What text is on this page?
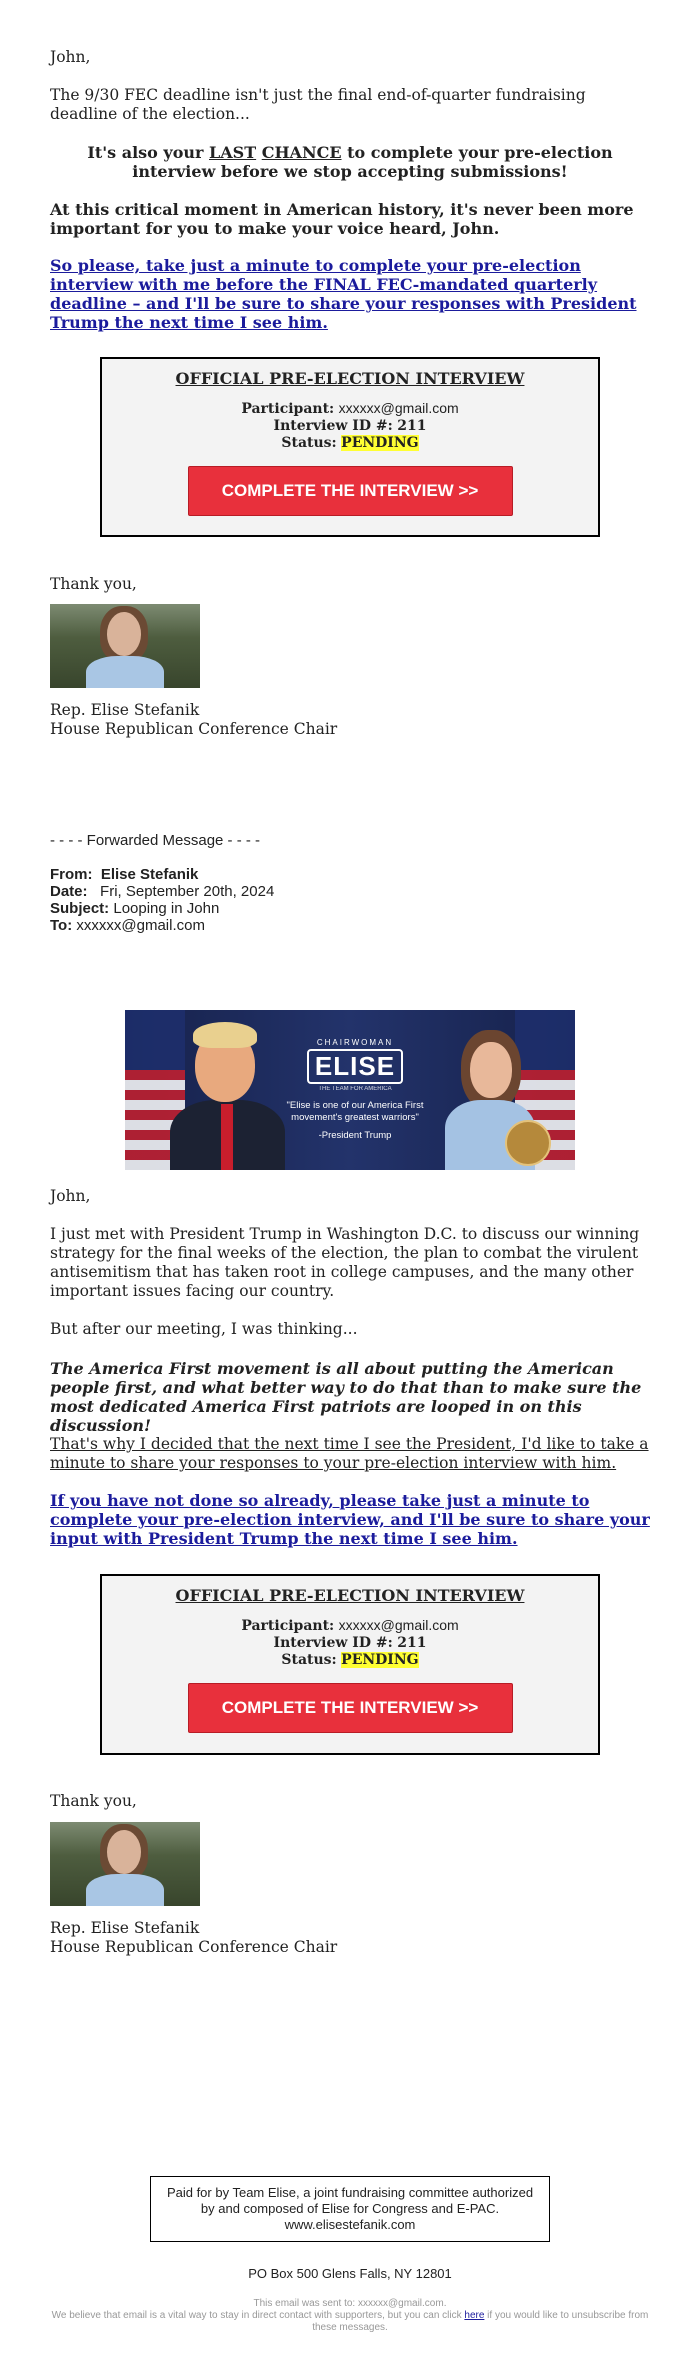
John,
The 9/30 FEC deadline isn't just the final end-of-quarter fundraising deadline of the election...
It's also your LAST CHANCE to complete your pre-election interview before we stop accepting submissions!
At this critical moment in American history, it's never been more important for you to make your voice heard, John.
So please, take just a minute to complete your pre-election interview with me before the FINAL FEC-mandated quarterly deadline – and I'll be sure to share your responses with President Trump the next time I see him.
OFFICIAL PRE-ELECTION INTERVIEW
Participant: xxxxxx@gmail.com
Interview ID #: 211
Status: PENDING
COMPLETE THE INTERVIEW >>
Thank you,
Rep. Elise Stefanik
House Republican Conference Chair
- - - - Forwarded Message - - - -
From: Elise Stefanik
Date: Fri, September 20th, 2024
Subject: Looping in John
To: xxxxxx@gmail.com
CHAIRWOMAN
ELISE
THE TEAM FOR AMERICA
"Elise is one of our America First movement's greatest warriors"
-President Trump
John,
I just met with President Trump in Washington D.C. to discuss our winning strategy for the final weeks of the election, the plan to combat the virulent antisemitism that has taken root in college campuses, and the many other important issues facing our country.
But after our meeting, I was thinking...
The America First movement is all about putting the American people first, and what better way to do that than to make sure the most dedicated America First patriots are looped in on this discussion!
That's why I decided that the next time I see the President, I'd like to take a minute to share your responses to your pre-election interview with him.
If you have not done so already, please take just a minute to complete your pre-election interview, and I'll be sure to share your input with President Trump the next time I see him.
OFFICIAL PRE-ELECTION INTERVIEW
Participant: xxxxxx@gmail.com
Interview ID #: 211
Status: PENDING
COMPLETE THE INTERVIEW >>
Thank you,
Rep. Elise Stefanik
House Republican Conference Chair
Paid for by Team Elise, a joint fundraising committee authorized by and composed of Elise for Congress and E-PAC. www.elisestefanik.com
PO Box 500 Glens Falls, NY 12801
This email was sent to: xxxxxx@gmail.com.
We believe that email is a vital way to stay in direct contact with supporters, but you can click here if you would like to unsubscribe from these messages.
